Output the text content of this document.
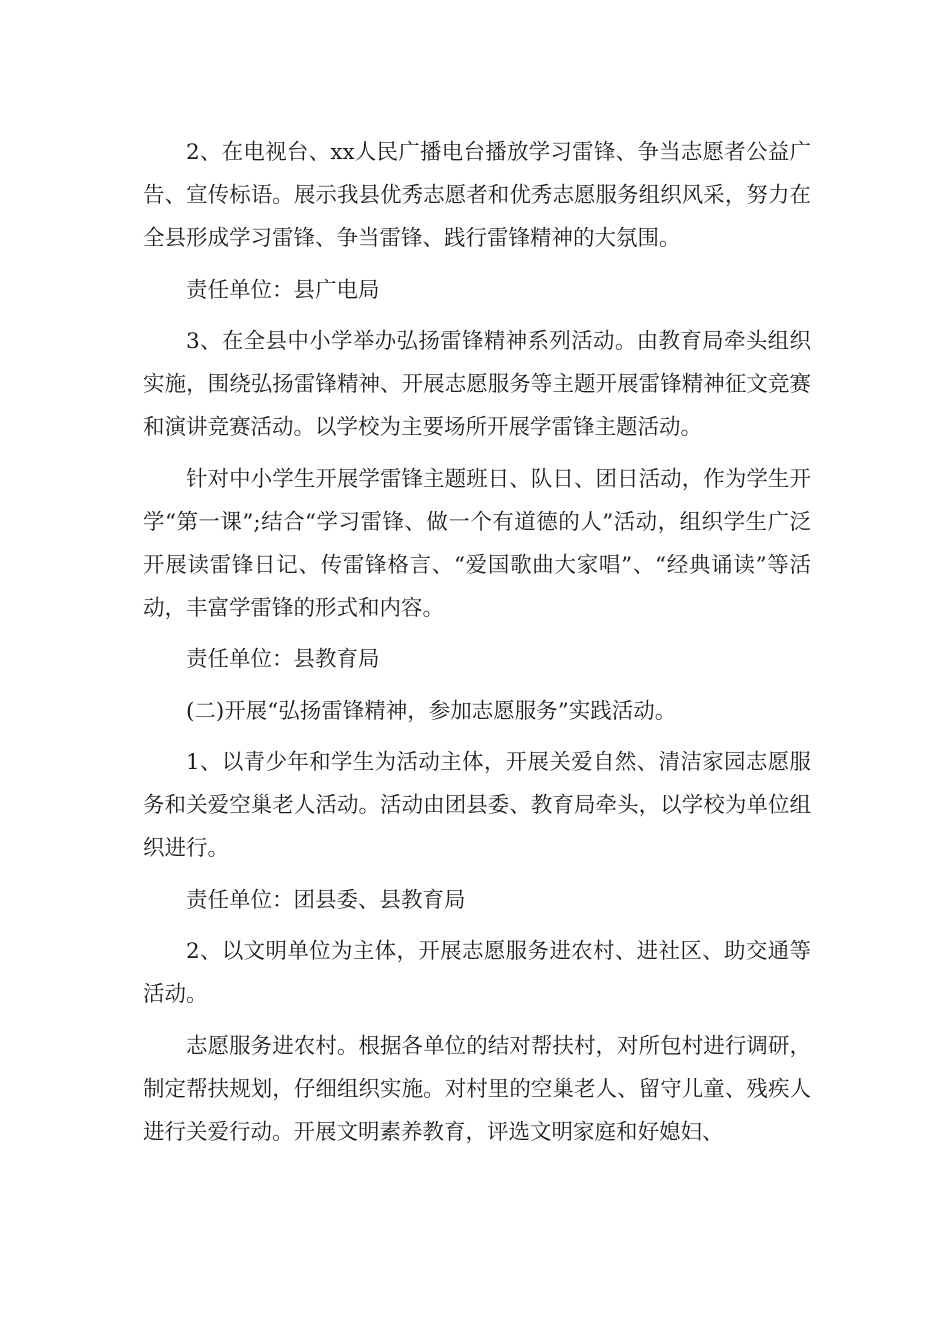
2、在电视台、xx人民广播电台播放学习雷锋、争当志愿者公益广告、宣传标语。展示我县优秀志愿者和优秀志愿服务组织风采，努力在全县形成学习雷锋、争当雷锋、践行雷锋精神的大氛围。

责任单位：县广电局

3、在全县中小学举办弘扬雷锋精神系列活动。由教育局牵头组织实施，围绕弘扬雷锋精神、开展志愿服务等主题开展雷锋精神征文竞赛和演讲竞赛活动。以学校为主要场所开展学雷锋主题活动。

针对中小学生开展学雷锋主题班日、队日、团日活动，作为学生开学“第一课”;结合“学习雷锋、做一个有道德的人”活动，组织学生广泛开展读雷锋日记、传雷锋格言、“爱国歌曲大家唱”、“经典诵读”等活动，丰富学雷锋的形式和内容。

责任单位：县教育局

(二)开展“弘扬雷锋精神，参加志愿服务”实践活动。

1、以青少年和学生为活动主体，开展关爱自然、清洁家园志愿服务和关爱空巢老人活动。活动由团县委、教育局牵头，以学校为单位组织进行。

责任单位：团县委、县教育局

2、以文明单位为主体，开展志愿服务进农村、进社区、助交通等活动。

志愿服务进农村。根据各单位的结对帮扶村，对所包村进行调研，制定帮扶规划，仔细组织实施。对村里的空巢老人、留守儿童、残疾人进行关爱行动。开展文明素养教育，评选文明家庭和好媳妇、
